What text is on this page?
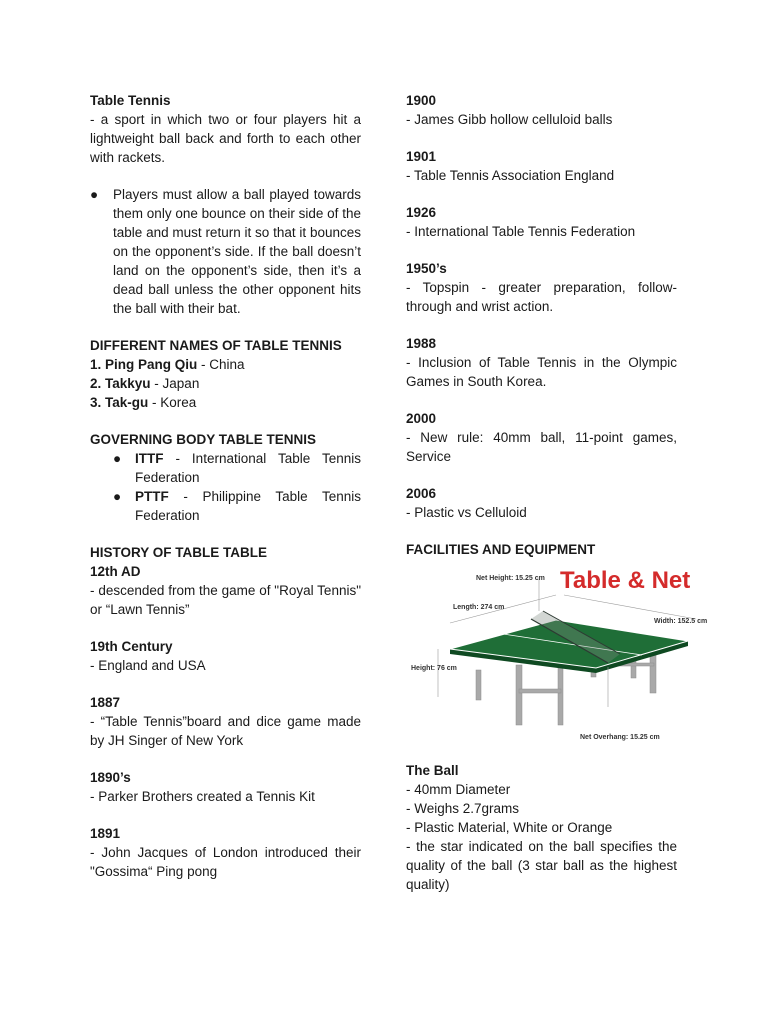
Table Tennis

- a sport in which two or four players hit a lightweight ball back and forth to each other with rackets.

● Players must allow a ball played towards them only one bounce on their side of the table and must return it so that it bounces on the opponent’s side. If the ball doesn’t land on the opponent’s side, then it’s a dead ball unless the other opponent hits the ball with their bat.

DIFFERENT NAMES OF TABLE TENNIS

1. Ping Pang Qiu - China

2. Takkyu - Japan

3. Tak-gu - Korea

GOVERNING BODY TABLE TENNIS

● ITTF - International Table Tennis Federation
● PTTF - Philippine Table Tennis Federation

HISTORY OF TABLE TABLE

12th AD

- descended from the game of "Royal Tennis" or “Lawn Tennis”

19th Century

- England and USA

1887

- “Table Tennis”board and dice game made by JH Singer of New York

1890’s

- Parker Brothers created a Tennis Kit

1891

- John Jacques of London introduced their "Gossima“ Ping pong

1900

- James Gibb hollow celluloid balls

1901

- Table Tennis Association England

1926

- International Table Tennis Federation

1950’s

- Topspin - greater preparation, follow-through and wrist action.

1988

- Inclusion of Table Tennis in the Olympic Games in South Korea.

2000

- New rule: 40mm ball, 11-point games, Service

2006

- Plastic vs Celluloid

FACILITIES AND EQUIPMENT

Table & Net
Net Height: 15.25 cm
Length: 274 cm
Width: 152.5 cm
Height: 76 cm
Net Overhang: 15.25 cm

The Ball

- 40mm Diameter

- Weighs 2.7grams

- Plastic Material, White or Orange

- the star indicated on the ball specifies the quality of the ball (3 star ball as the highest quality)
